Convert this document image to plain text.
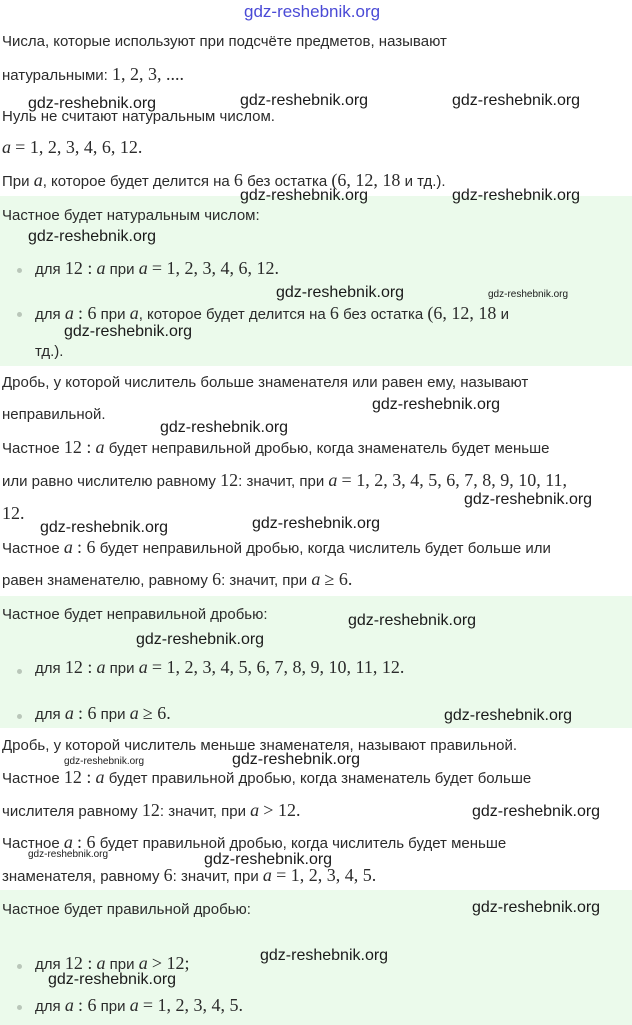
gdz-reshebnik.org
Числа, которые используют при подсчёте предметов, называют
натуральными: 1, 2, 3, ....
Нуль не считают натуральным числом.
a = 1, 2, 3, 4, 6, 12.
При a, которое будет делится на 6 без остатка (6, 12, 18 и тд.).
Частное будет натуральным числом:
для 12 : a при a = 1, 2, 3, 4, 6, 12.
для a : 6 при a, которое будет делится на 6 без остатка (6, 12, 18 и
тд.).
Дробь, у которой числитель больше знаменателя или равен ему, называют
неправильной.
Частное 12 : a будет неправильной дробью, когда знаменатель будет меньше
или равно числителю равному 12: значит, при a = 1, 2, 3, 4, 5, 6, 7, 8, 9, 10, 11,
12.
Частное a : 6 будет неправильной дробью, когда числитель будет больше или
равен знаменателю, равному 6: значит, при a ≥ 6.
Частное будет неправильной дробью:
для 12 : a при a = 1, 2, 3, 4, 5, 6, 7, 8, 9, 10, 11, 12.
для a : 6 при a ≥ 6.
Дробь, у которой числитель меньше знаменателя, называют правильной.
Частное 12 : a будет правильной дробью, когда знаменатель будет больше
числителя равному 12: значит, при a > 12.
Частное a : 6 будет правильной дробью, когда числитель будет меньше
знаменателя, равному 6: значит, при a = 1, 2, 3, 4, 5.
Частное будет правильной дробью:
для 12 : a при a > 12;
для a : 6 при a = 1, 2, 3, 4, 5.
gdz-reshebnik.org	gdz-reshebnik.org	gdz-reshebnik.org
gdz-reshebnik.org	gdz-reshebnik.org
gdz-reshebnik.org
gdz-reshebnik.org	gdz-reshebnik.org
gdz-reshebnik.org
gdz-reshebnik.org
gdz-reshebnik.org
gdz-reshebnik.org
gdz-reshebnik.org	gdz-reshebnik.org
gdz-reshebnik.org
gdz-reshebnik.org
gdz-reshebnik.org
gdz-reshebnik.org	gdz-reshebnik.org
gdz-reshebnik.org
gdz-reshebnik.org	gdz-reshebnik.org
gdz-reshebnik.org
gdz-reshebnik.org
gdz-reshebnik.org
